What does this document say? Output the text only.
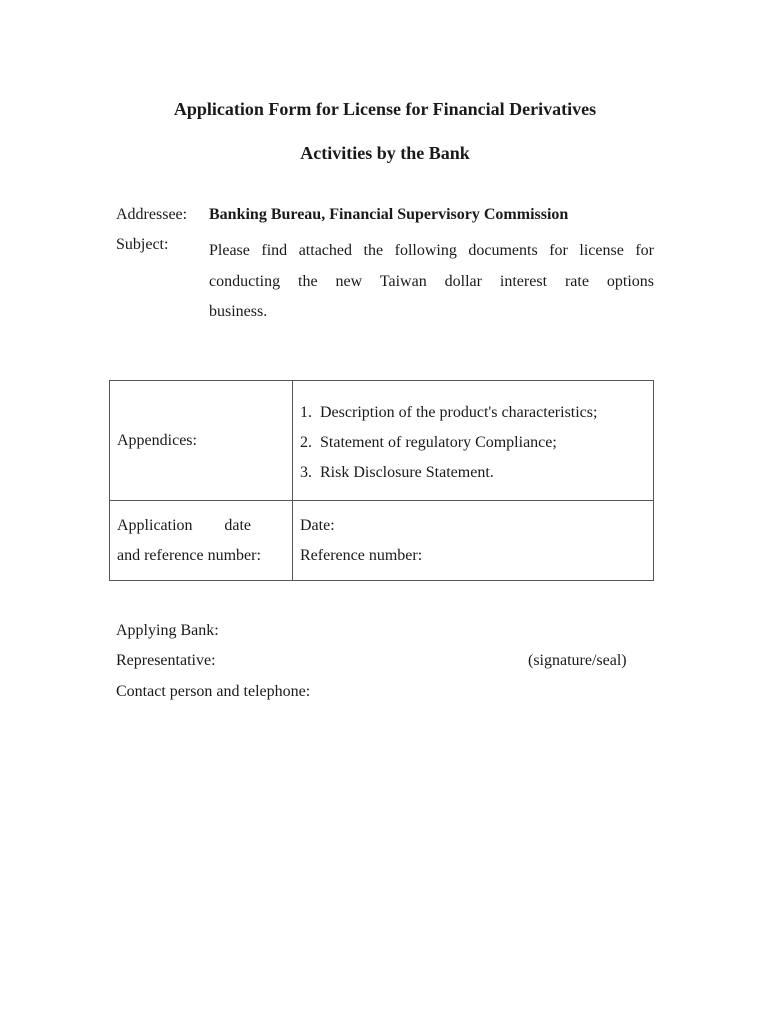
Application Form for License for Financial Derivatives
Activities by the Bank
Addressee: Banking Bureau, Financial Supervisory Commission
Subject:	Please find attached the following documents for license for
conducting the new Taiwan dollar interest rate options
business.
Appendices:	1.  Description of the product's characteristics;
2.  Statement of regulatory Compliance;
3.  Risk Disclosure Statement.

Application date
and reference number:	Date:
Reference number:
Applying Bank:
Representative:	(signature/seal)
Contact person and telephone:
